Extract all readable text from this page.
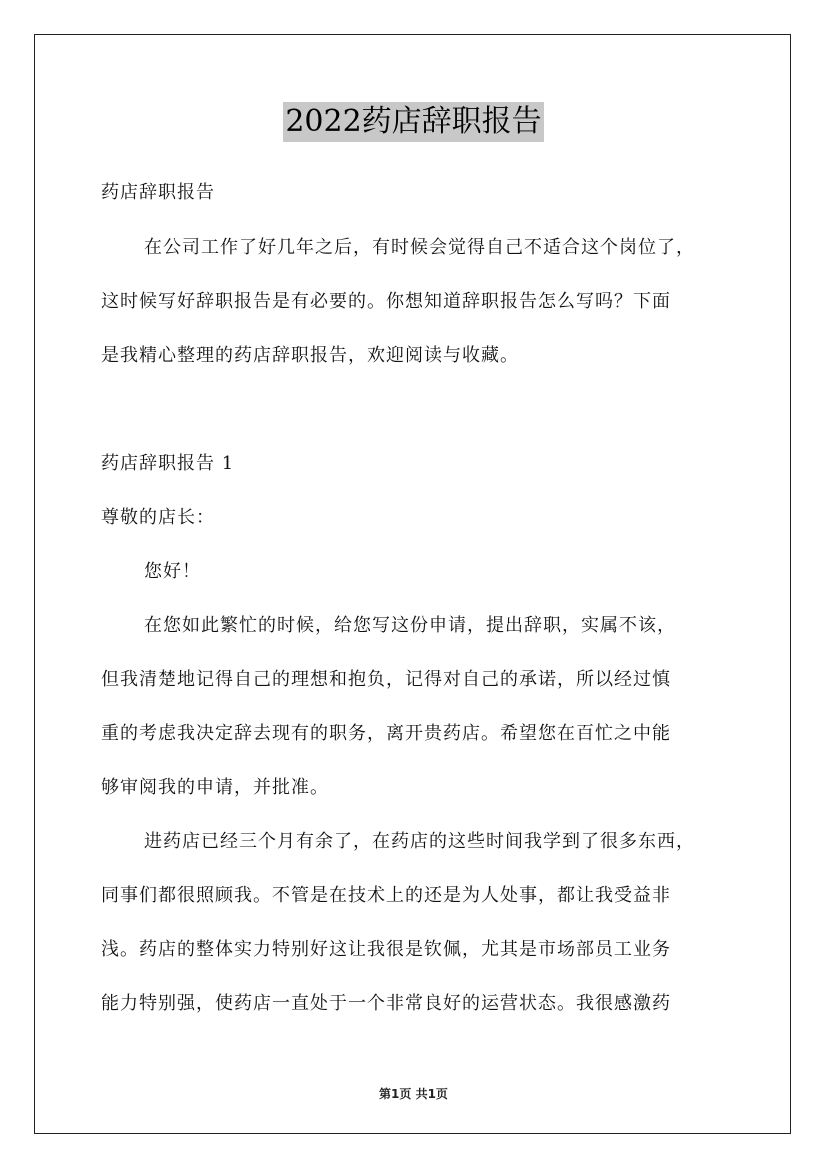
2022药店辞职报告
药店辞职报告
在公司工作了好几年之后，有时候会觉得自己不适合这个岗位了，
这时候写好辞职报告是有必要的。你想知道辞职报告怎么写吗？下面
是我精心整理的药店辞职报告，欢迎阅读与收藏。
药店辞职报告 1
尊敬的店长：
您好！
在您如此繁忙的时候，给您写这份申请，提出辞职，实属不该，
但我清楚地记得自己的理想和抱负，记得对自己的承诺，所以经过慎
重的考虑我决定辞去现有的职务，离开贵药店。希望您在百忙之中能
够审阅我的申请，并批准。
进药店已经三个月有余了，在药店的这些时间我学到了很多东西，
同事们都很照顾我。不管是在技术上的还是为人处事，都让我受益非
浅。药店的整体实力特别好这让我很是钦佩，尤其是市场部员工业务
能力特别强，使药店一直处于一个非常良好的运营状态。我很感激药
第1页 共1页
